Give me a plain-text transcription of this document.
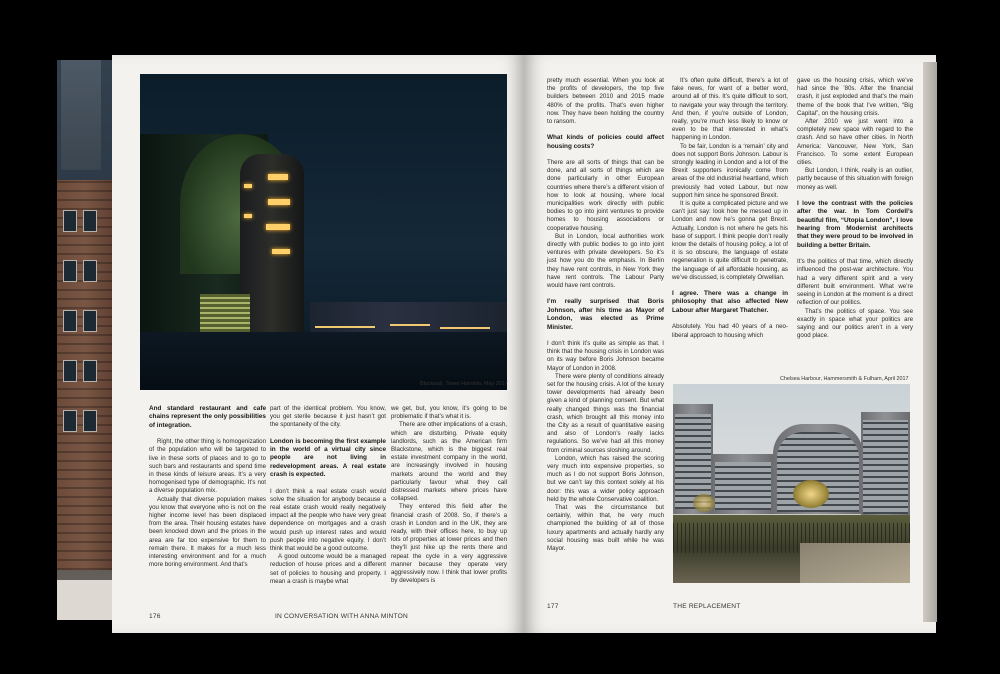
Blackwall, Tower Hamlets, May 2017

And standard restaurant and cafe chains represent the only possibilities of integration.

Right, the other thing is homogenization of the population who will be targeted to live in these sorts of places and to go to such bars and restaurants and spend time in these kinds of leisure areas. It’s a very homogenised type of demographic. It’s not a diverse population mix.

Actually that diverse population makes you know that everyone who is not on the higher income level has been displaced from the area. Their housing estates have been knocked down and the prices in the area are far too expensive for them to remain there. It makes for a much less interesting environment and for a much more boring environment. And that’s

part of the identical problem. You know, you get sterile because it just hasn’t got the spontaneity of the city.

London is becoming the first example in the world of a virtual city since people are not living in redevelopment areas. A real estate crash is expected.

I don’t think a real estate crash would solve the situation for anybody because a real estate crash would really negatively impact all the people who have very great dependence on mortgages and a crash would push up interest rates and would push people into negative equity. I don’t think that would be a good outcome.

A good outcome would be a managed reduction of house prices and a different set of policies to housing and property. I mean a crash is maybe what

we get, but, you know, it’s going to be problematic if that’s what it is.

There are other implications of a crash, which are disturbing. Private equity landlords, such as the American firm Blackstone, which is the biggest real estate investment company in the world, are increasingly involved in housing markets around the world and they particularly favour what they call distressed markets where prices have collapsed.

They entered this field after the financial crash of 2008. So, if there’s a crash in London and in the UK, they are ready, with their offices here, to buy up lots of properties at lower prices and then they’ll just hike up the rents there and repeat the cycle in a very aggressive manner because they operate very aggressively now. I think that lower profits by developers is

176	IN CONVERSATION WITH ANNA MINTON

pretty much essential. When you look at the profits of developers, the top five builders between 2010 and 2015 made 480% of the profits. That’s even higher now. They have been holding the country to ransom.

What kinds of policies could affect housing costs?

There are all sorts of things that can be done, and all sorts of things which are done particularly in other European countries where there’s a different vision of how to look at housing, where local municipalities work directly with public bodies to go into joint ventures to provide homes to housing associations or cooperative housing.

But in London, local authorities work directly with public bodies to go into joint ventures with private developers. So it’s just how you do the emphasis. In Berlin they have rent controls, in New York they have rent controls. The Labour Party would have rent controls.

I’m really surprised that Boris Johnson, after his time as Mayor of London, was elected as Prime Minister.

I don’t think it’s quite as simple as that. I think that the housing crisis in London was on its way before Boris Johnson became Mayor of London in 2008.

There were plenty of conditions already set for the housing crisis. A lot of the luxury tower developments had already been given a kind of planning consent. But what really changed things was the financial crash, which brought all this money into the City as a result of quantitative easing and also of London’s really lacks regulations. So we’ve had all this money from criminal sources sloshing around.

London, which has raised the scoring very much into expensive properties, so much as I do not support Boris Johnson, but we can’t lay this context solely at his door: this was a wider policy approach held by the whole Conservative coalition.

That was the circumstance but certainly, within that, he very much championed the building of all of those luxury apartments and actually hardly any social housing was built while he was Mayor.

It’s often quite difficult, there’s a lot of fake news, for want of a better word, around all of this. It’s quite difficult to sort, to navigate your way through the territory. And then, if you’re outside of London, really, you’re much less likely to know or even to be that interested in what’s happening in London.

To be fair, London is a ‘remain’ city and does not support Boris Johnson. Labour is strongly leading in London and a lot of the Brexit supporters ironically come from areas of the old industrial heartland, which previously had voted Labour, but now support him since he sponsored Brexit.

It is quite a complicated picture and we can’t just say: look how he messed up in London and now he’s gonna get Brexit. Actually, London is not where he gets his base of support. I think people don’t really know the details of housing policy, a lot of it is so obscure, the language of estate regeneration is quite difficult to penetrate, the language of all affordable housing, as we’ve discussed, is completely Orwellian.

I agree. There was a change in philosophy that also affected New Labour after Margaret Thatcher.

Absolutely. You had 40 years of a neo-liberal approach to housing which

gave us the housing crisis, which we’ve had since the ’80s. After the financial crash, it just exploded and that’s the main theme of the book that I’ve written, “Big Capital”, on the housing crisis.

After 2010 we just went into a completely new space with regard to the crash. And so have other cities. In North America: Vancouver, New York, San Francisco. To some extent European cities.

But London, I think, really is an outlier, partly because of this situation with foreign money as well.

I love the contrast with the policies after the war. In Tom Cordell’s beautiful film, “Utopia London”, I love hearing from Modernist architects that they were proud to be involved in building a better Britain.

It’s the politics of that time, which directly influenced the post-war architecture. You had a very different spirit and a very different built environment. What we’re seeing in London at the moment is a direct reflection of our politics.

That’s the politics of space. You see exactly in space what your politics are saying and our politics aren’t in a very good place.

Chelsea Harbour, Hammersmith & Fulham, April 2017
177	THE REPLACEMENT
